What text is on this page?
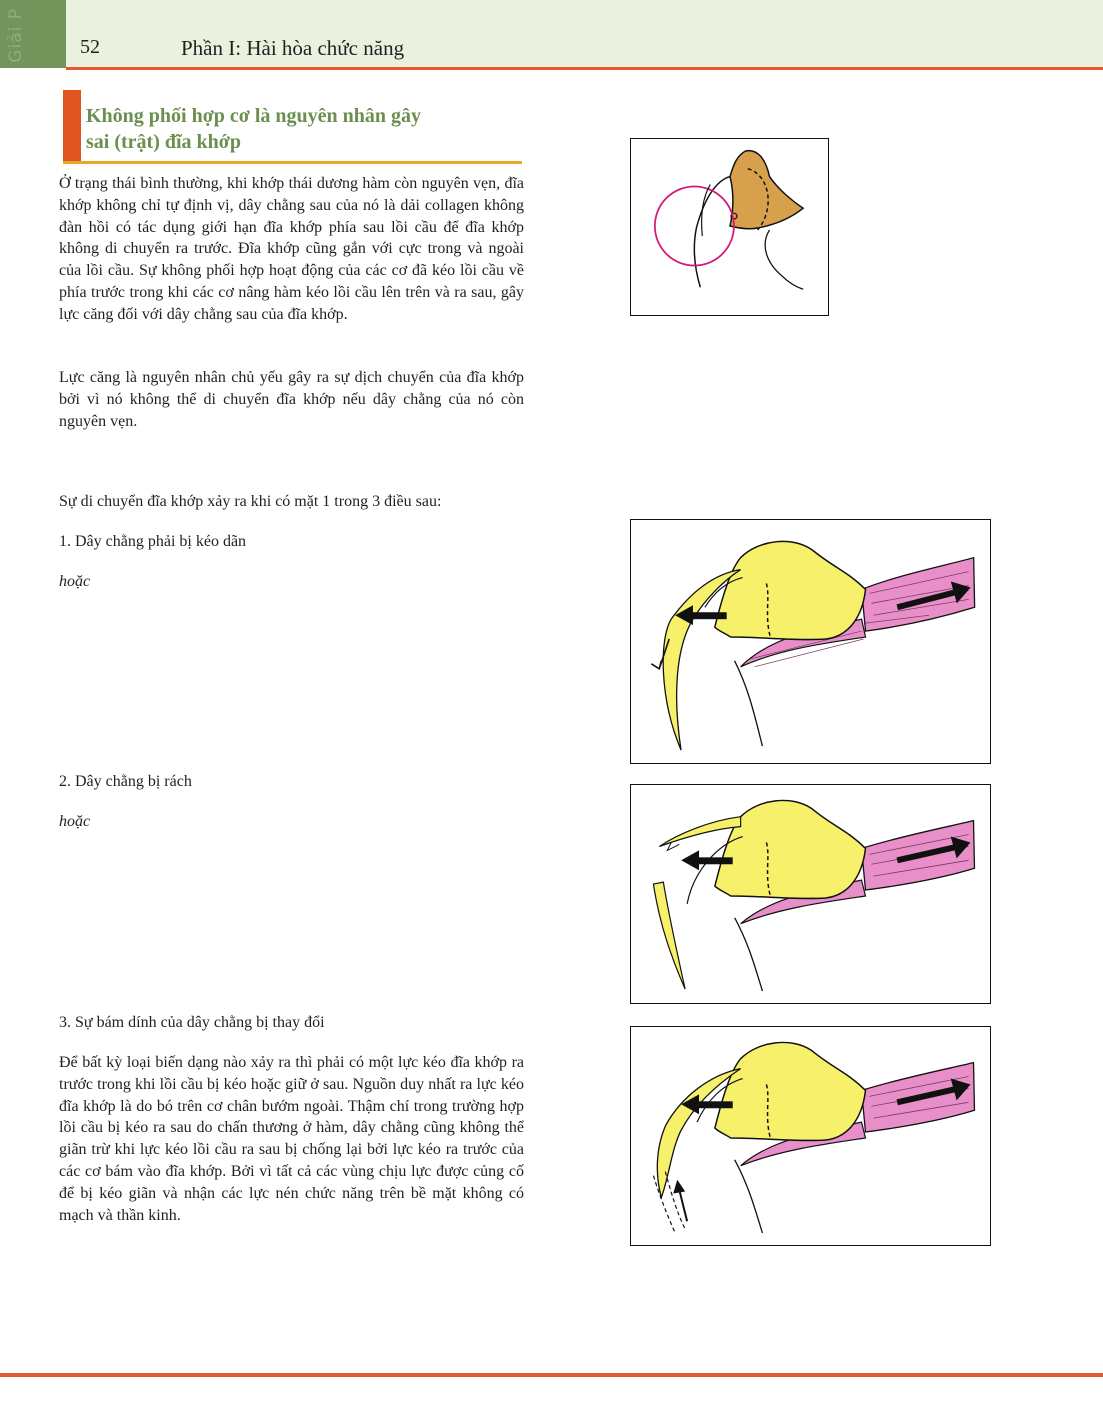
Giải P	52	Phần I: Hài hòa chức năng
Không phối hợp cơ là nguyên nhân gây
sai (trật) đĩa khớp

Ở trạng thái bình thường, khi khớp thái dương hàm còn nguyên vẹn, đĩa khớp không chỉ tự định vị, dây chằng sau của nó là dải collagen không đàn hồi có tác dụng giới hạn đĩa khớp phía sau lồi cầu để đĩa khớp không di chuyển ra trước. Đĩa khớp cũng gắn với cực trong và ngoài của lồi cầu. Sự không phối hợp hoạt động của các cơ đã kéo lồi cầu về phía trước trong khi các cơ nâng hàm kéo lồi cầu lên trên và ra sau, gây lực căng đối với dây chằng sau của đĩa khớp.

Lực căng là nguyên nhân chủ yếu gây ra sự dịch chuyển của đĩa khớp bởi vì nó không thể di chuyển đĩa khớp nếu dây chằng của nó còn nguyên vẹn.

Sự di chuyển đĩa khớp xảy ra khi có mặt 1 trong 3 điều sau:

1. Dây chằng phải bị kéo dãn

hoặc

2. Dây chằng bị rách

hoặc

3. Sự bám dính của dây chằng bị thay đổi

Để bất kỳ loại biến dạng nào xảy ra thì phải có một lực kéo đĩa khớp ra trước trong khi lồi cầu bị kéo hoặc giữ ở sau. Nguồn duy nhất ra lực kéo đĩa khớp là do bó trên cơ chân bướm ngoài. Thậm chí trong trường hợp lồi cầu bị kéo ra sau do chấn thương ở hàm, dây chằng cũng không thể giãn trừ khi lực kéo lồi cầu ra sau bị chống lại bởi lực kéo ra trước của các cơ bám vào đĩa khớp. Bởi vì tất cả các vùng chịu lực được củng cố để bị kéo giãn và nhận các lực nén chức năng trên bề mặt không có mạch và thần kinh.
